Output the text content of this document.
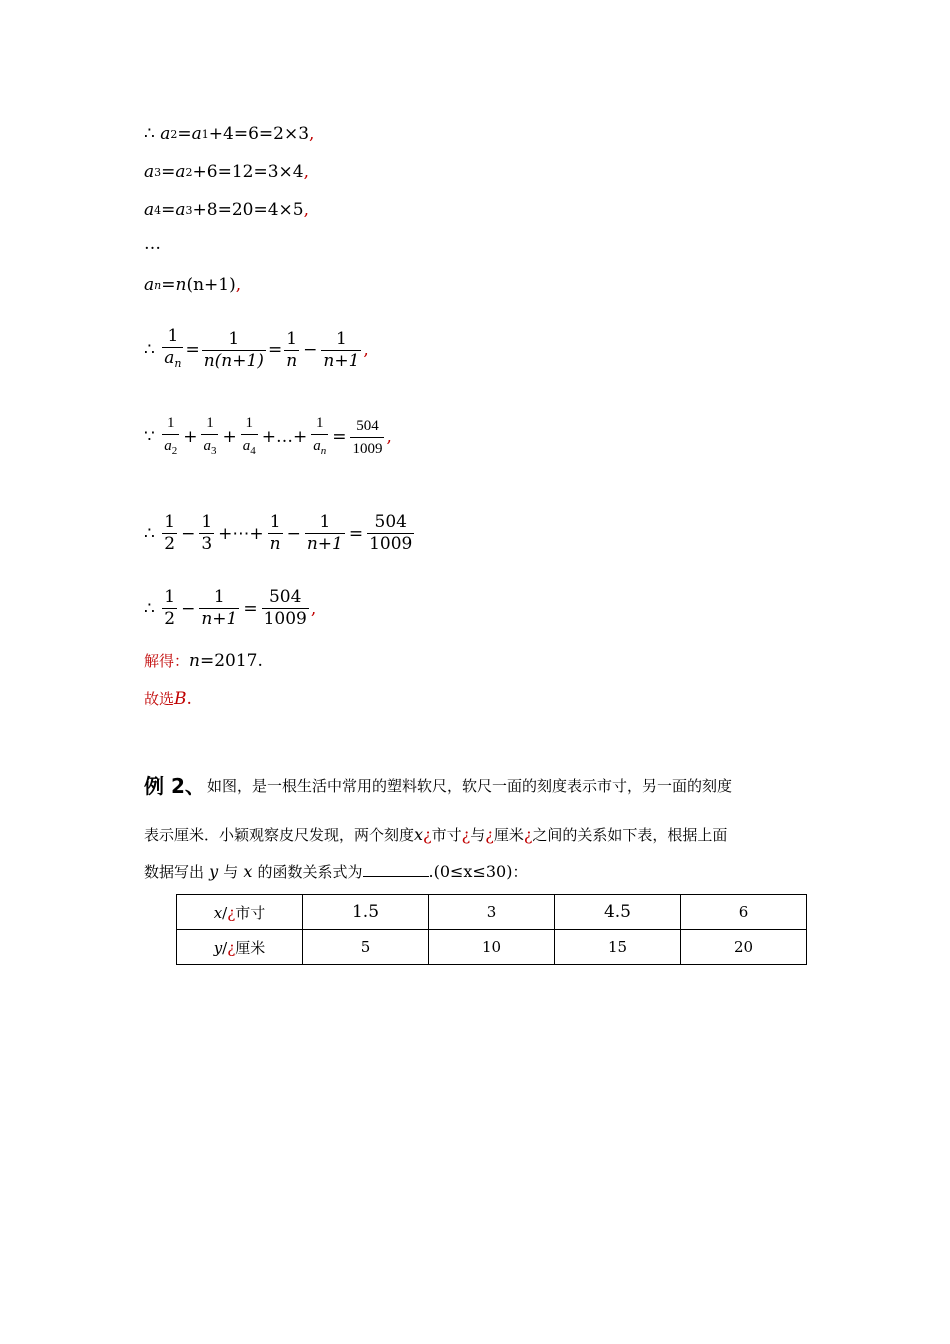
∴
a 2 = a 1 +4=6=2×3 ,
a 3 = a 2 +6=12=3×4 ,
a 4 = a 3 +8=20=4×5 ,
…
a n = n (n+1) ,
∴
$\frac{1}{a_n} = \frac{1}{n(n+1)} = \frac{1}{n} - \frac{1}{n+1}$ ,
∵
$\frac{1}{a_2} + \frac{1}{a_3} + \frac{1}{a_4}$ +…+ $\frac{1}{a_n} = \frac{504}{1009}$ ,
∴
$\frac{1}{2} - \frac{1}{3}$ +⋯+ $\frac{1}{n} - \frac{1}{n+1} = \frac{504}{1009}$
∴
$\frac{1}{2} - \frac{1}{n+1} = \frac{504}{1009}$ ,
解得： n =2017.
故选 B .
例 2、 如图，是一根生活中常用的塑料软尺，软尺一面的刻度表示市寸，另一面的刻度
表示厘米．小颖观察皮尺发现，两个刻度x¿市寸¿与¿厘米¿之间的关系如下表，根据上面
数据写出 y 与 x 的函数关系式为	.(0≤x≤30)：
x/¿市寸	1.5	3	4.5	6
y/¿厘米	5	10	15	20
